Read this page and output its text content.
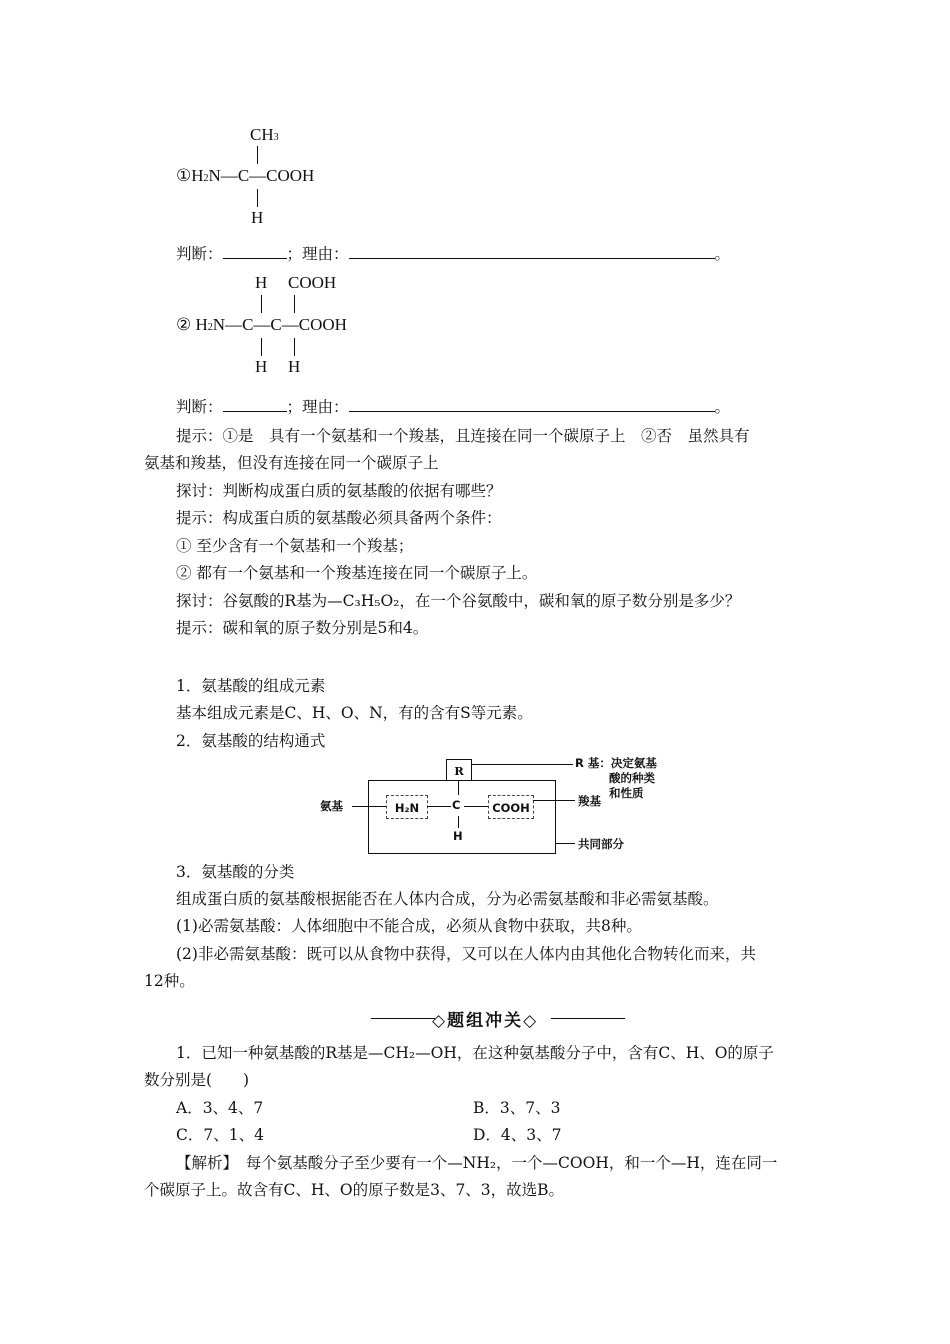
CH3
①H2N—C—COOH
H
判断：	；理由：	。
H COOH
② H2N—C—C—COOH
H H
判断：	；理由：	。
提示：①是　具有一个氨基和一个羧基，且连接在同一个碳原子上　②否　虽然具有
氨基和羧基，但没有连接在同一个碳原子上
探讨：判断构成蛋白质的氨基酸的依据有哪些？
提示：构成蛋白质的氨基酸必须具备两个条件：
① 至少含有一个氨基和一个羧基；
② 都有一个氨基和一个羧基连接在同一个碳原子上。
探讨：谷氨酸的R基为—C₃H₅O₂，在一个谷氨酸中，碳和氧的原子数分别是多少？
提示：碳和氧的原子数分别是5和4。
1．氨基酸的组成元素
基本组成元素是C、H、O、N，有的含有S等元素。
2．氨基酸的结构通式
R
H₂N	C	COOH
H
氨基
R 基：决定氨基
酸的种类
和性质
羧基
共同部分
3．氨基酸的分类
组成蛋白质的氨基酸根据能否在人体内合成，分为必需氨基酸和非必需氨基酸。
(1)必需氨基酸：人体细胞中不能合成，必须从食物中获取，共8种。
(2)非必需氨基酸：既可以从食物中获得，又可以在人体内由其他化合物转化而来，共
12种。
◇题组冲关◇
1．已知一种氨基酸的R基是—CH₂—OH，在这种氨基酸分子中，含有C、H、O的原子
数分别是(　　)
A．3、4、7	B．3、7、3
C．7、1、4	D．4、3、7
【解析】　每个氨基酸分子至少要有一个—NH₂，一个—COOH，和一个—H，连在同一
个碳原子上。故含有C、H、O的原子数是3、7、3，故选B。
